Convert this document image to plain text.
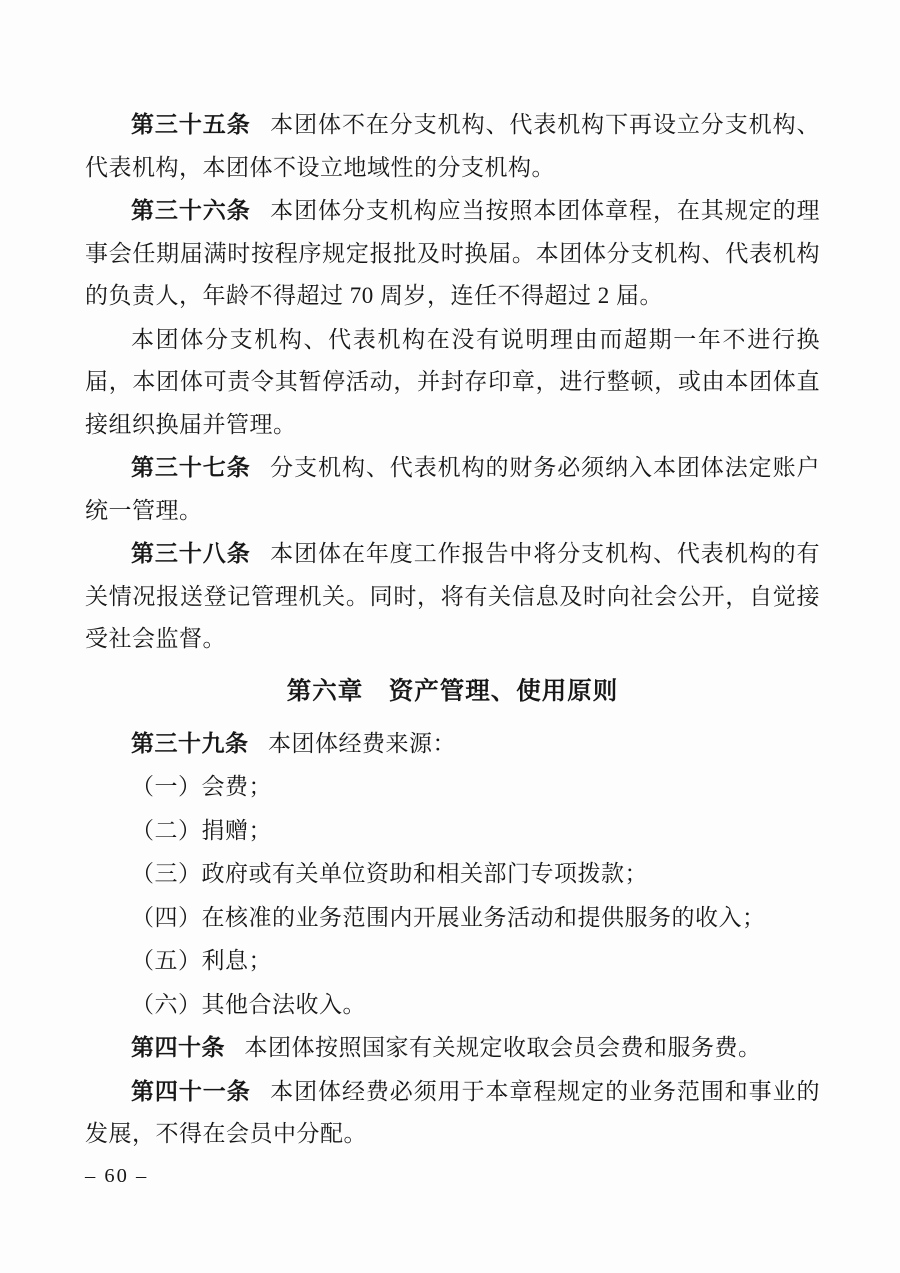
第三十五条 本团体不在分支机构、代表机构下再设立分支机构、代表机构，本团体不设立地域性的分支机构。

第三十六条 本团体分支机构应当按照本团体章程，在其规定的理事会任期届满时按程序规定报批及时换届。本团体分支机构、代表机构的负责人，年龄不得超过 70 周岁，连任不得超过 2 届。

本团体分支机构、代表机构在没有说明理由而超期一年不进行换届，本团体可责令其暂停活动，并封存印章，进行整顿，或由本团体直接组织换届并管理。

第三十七条 分支机构、代表机构的财务必须纳入本团体法定账户统一管理。

第三十八条 本团体在年度工作报告中将分支机构、代表机构的有关情况报送登记管理机关。同时，将有关信息及时向社会公开，自觉接受社会监督。

第六章　资产管理、使用原则

第三十九条 本团体经费来源：

（一）会费；

（二）捐赠；

（三）政府或有关单位资助和相关部门专项拨款；

（四）在核准的业务范围内开展业务活动和提供服务的收入；

（五）利息；

（六）其他合法收入。

第四十条 本团体按照国家有关规定收取会员会费和服务费。

第四十一条 本团体经费必须用于本章程规定的业务范围和事业的发展，不得在会员中分配。

– 60 –
